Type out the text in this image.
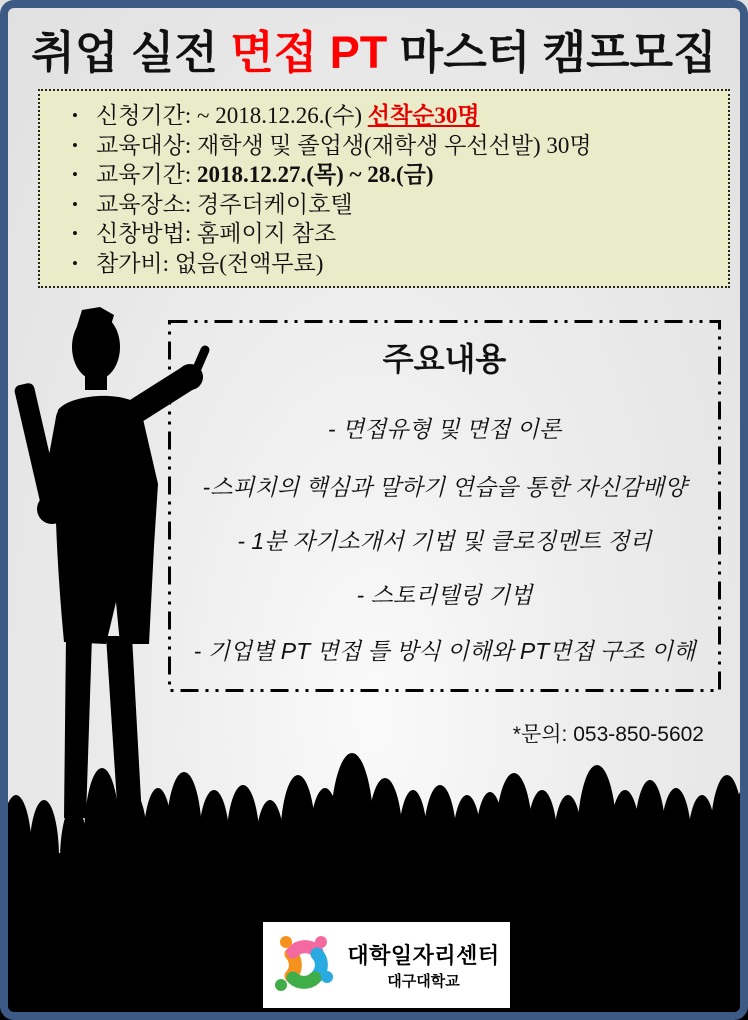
취업 실전 면접 PT 마스터 캠프모집
• 신청기간: ~ 2018.12.26.(수) 선착순30명
• 교육대상: 재학생 및 졸업생(재학생 우선선발) 30명
• 교육기간: 2018.12.27.(목) ~ 28.(금)
• 교육장소: 경주더케이호텔
• 신창방법: 홈페이지 참조
• 참가비: 없음(전액무료)
주요내용
- 면접유형 및 면접 이론
-스피치의 핵심과 말하기 연습을 통한 자신감배양
- 1분 자기소개서 기법 및 클로징멘트 정리
- 스토리텔링 기법
- 기업별 PT 면접 틀 방식 이해와 PT면접 구조 이해
*문의: 053-850-5602
대학일자리센터
대구대학교
